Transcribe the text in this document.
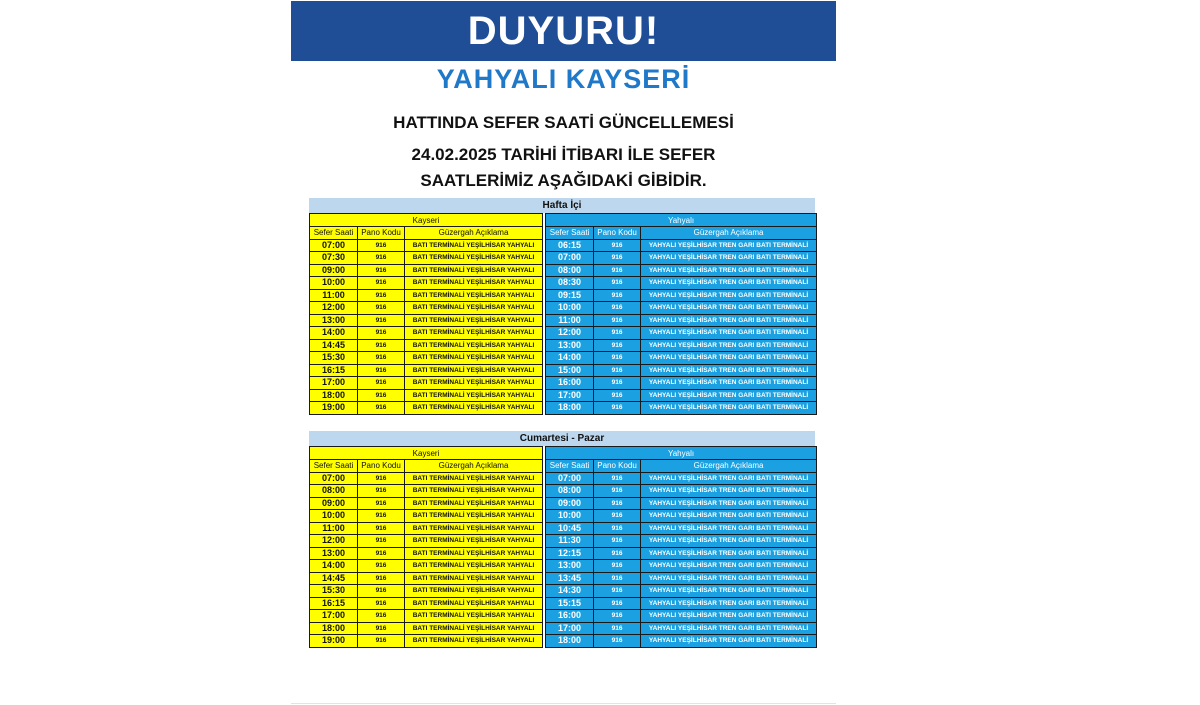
DUYURU!
YAHYALI KAYSERİ
HATTINDA SEFER SAATİ GÜNCELLEMESİ
24.02.2025 TARİHİ İTİBARI İLE SEFER
SAATLERİMİZ AŞAĞIDAKİ GİBİDİR.
Hafta İçi
Kayseri		
Sefer Saati	Pano Kodu	Güzergah Açıklama
07:00	916	BATI TERMİNALİ YEŞİLHİSAR YAHYALI
07:30	916	BATI TERMİNALİ YEŞİLHİSAR YAHYALI
09:00	916	BATI TERMİNALİ YEŞİLHİSAR YAHYALI
10:00	916	BATI TERMİNALİ YEŞİLHİSAR YAHYALI
11:00	916	BATI TERMİNALİ YEŞİLHİSAR YAHYALI
12:00	916	BATI TERMİNALİ YEŞİLHİSAR YAHYALI
13:00	916	BATI TERMİNALİ YEŞİLHİSAR YAHYALI
14:00	916	BATI TERMİNALİ YEŞİLHİSAR YAHYALI
14:45	916	BATI TERMİNALİ YEŞİLHİSAR YAHYALI
15:30	916	BATI TERMİNALİ YEŞİLHİSAR YAHYALI
16:15	916	BATI TERMİNALİ YEŞİLHİSAR YAHYALI
17:00	916	BATI TERMİNALİ YEŞİLHİSAR YAHYALI
18:00	916	BATI TERMİNALİ YEŞİLHİSAR YAHYALI
19:00	916	BATI TERMİNALİ YEŞİLHİSAR YAHYALI
Yahyalı		
Sefer Saati	Pano Kodu	Güzergah Açıklama
06:15	916	YAHYALI YEŞİLHİSAR TREN GARI BATI TERMİNALİ
07:00	916	YAHYALI YEŞİLHİSAR TREN GARI BATI TERMİNALİ
08:00	916	YAHYALI YEŞİLHİSAR TREN GARI BATI TERMİNALİ
08:30	916	YAHYALI YEŞİLHİSAR TREN GARI BATI TERMİNALİ
09:15	916	YAHYALI YEŞİLHİSAR TREN GARI BATI TERMİNALİ
10:00	916	YAHYALI YEŞİLHİSAR TREN GARI BATI TERMİNALİ
11:00	916	YAHYALI YEŞİLHİSAR TREN GARI BATI TERMİNALİ
12:00	916	YAHYALI YEŞİLHİSAR TREN GARI BATI TERMİNALİ
13:00	916	YAHYALI YEŞİLHİSAR TREN GARI BATI TERMİNALİ
14:00	916	YAHYALI YEŞİLHİSAR TREN GARI BATI TERMİNALİ
15:00	916	YAHYALI YEŞİLHİSAR TREN GARI BATI TERMİNALİ
16:00	916	YAHYALI YEŞİLHİSAR TREN GARI BATI TERMİNALİ
17:00	916	YAHYALI YEŞİLHİSAR TREN GARI BATI TERMİNALİ
18:00	916	YAHYALI YEŞİLHİSAR TREN GARI BATI TERMİNALİ
Cumartesi - Pazar
Kayseri		
Sefer Saati	Pano Kodu	Güzergah Açıklama
07:00	916	BATI TERMİNALİ YEŞİLHİSAR YAHYALI
08:00	916	BATI TERMİNALİ YEŞİLHİSAR YAHYALI
09:00	916	BATI TERMİNALİ YEŞİLHİSAR YAHYALI
10:00	916	BATI TERMİNALİ YEŞİLHİSAR YAHYALI
11:00	916	BATI TERMİNALİ YEŞİLHİSAR YAHYALI
12:00	916	BATI TERMİNALİ YEŞİLHİSAR YAHYALI
13:00	916	BATI TERMİNALİ YEŞİLHİSAR YAHYALI
14:00	916	BATI TERMİNALİ YEŞİLHİSAR YAHYALI
14:45	916	BATI TERMİNALİ YEŞİLHİSAR YAHYALI
15:30	916	BATI TERMİNALİ YEŞİLHİSAR YAHYALI
16:15	916	BATI TERMİNALİ YEŞİLHİSAR YAHYALI
17:00	916	BATI TERMİNALİ YEŞİLHİSAR YAHYALI
18:00	916	BATI TERMİNALİ YEŞİLHİSAR YAHYALI
19:00	916	BATI TERMİNALİ YEŞİLHİSAR YAHYALI
Yahyalı		
Sefer Saati	Pano Kodu	Güzergah Açıklama
07:00	916	YAHYALI YEŞİLHİSAR TREN GARI BATI TERMİNALİ
08:00	916	YAHYALI YEŞİLHİSAR TREN GARI BATI TERMİNALİ
09:00	916	YAHYALI YEŞİLHİSAR TREN GARI BATI TERMİNALİ
10:00	916	YAHYALI YEŞİLHİSAR TREN GARI BATI TERMİNALİ
10:45	916	YAHYALI YEŞİLHİSAR TREN GARI BATI TERMİNALİ
11:30	916	YAHYALI YEŞİLHİSAR TREN GARI BATI TERMİNALİ
12:15	916	YAHYALI YEŞİLHİSAR TREN GARI BATI TERMİNALİ
13:00	916	YAHYALI YEŞİLHİSAR TREN GARI BATI TERMİNALİ
13:45	916	YAHYALI YEŞİLHİSAR TREN GARI BATI TERMİNALİ
14:30	916	YAHYALI YEŞİLHİSAR TREN GARI BATI TERMİNALİ
15:15	916	YAHYALI YEŞİLHİSAR TREN GARI BATI TERMİNALİ
16:00	916	YAHYALI YEŞİLHİSAR TREN GARI BATI TERMİNALİ
17:00	916	YAHYALI YEŞİLHİSAR TREN GARI BATI TERMİNALİ
18:00	916	YAHYALI YEŞİLHİSAR TREN GARI BATI TERMİNALİ
